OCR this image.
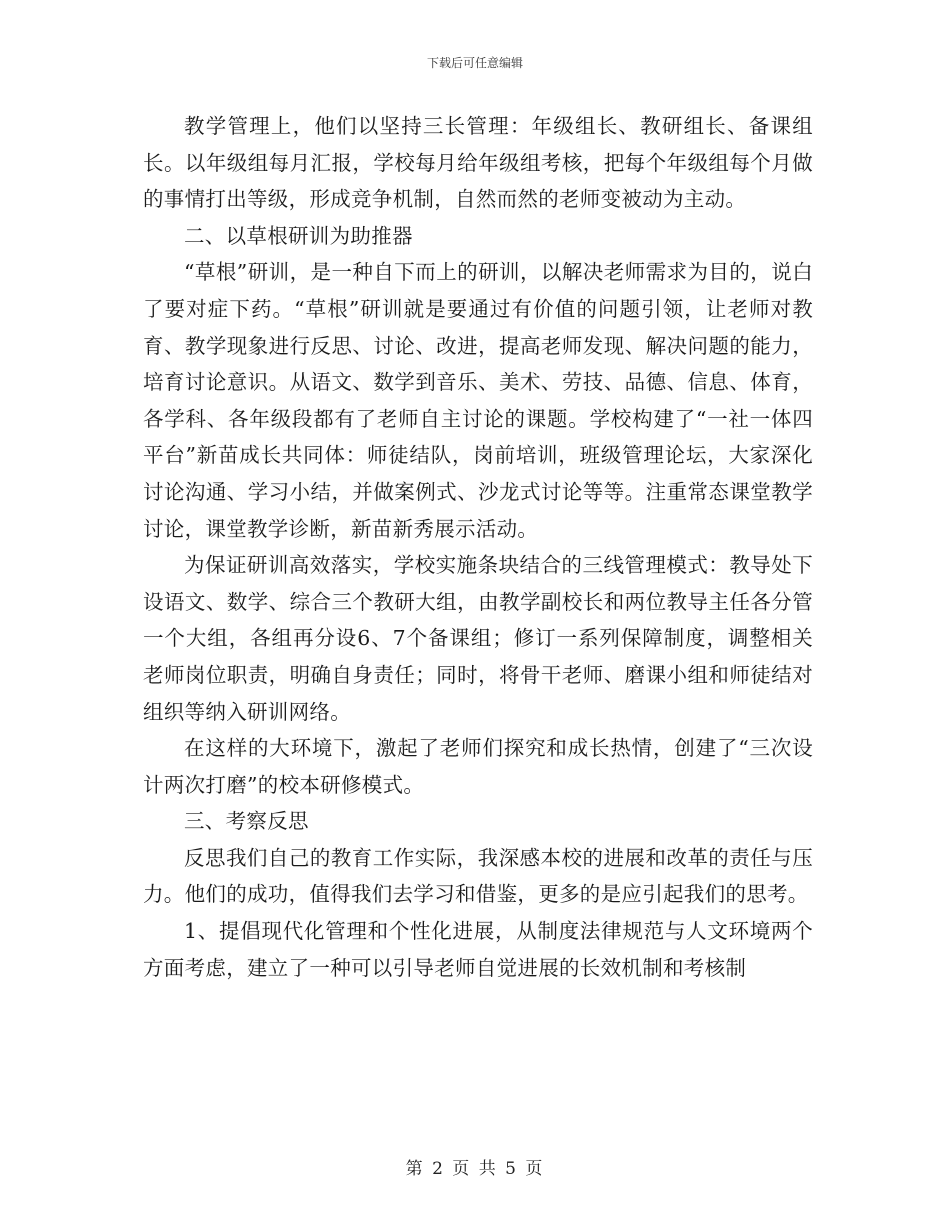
下载后可任意编辑

教学管理上，他们以坚持三长管理：年级组长、教研组长、备课组长。以年级组每月汇报，学校每月给年级组考核，把每个年级组每个月做的事情打出等级，形成竞争机制，自然而然的老师变被动为主动。

二、以草根研训为助推器

“草根”研训，是一种自下而上的研训，以解决老师需求为目的，说白了要对症下药。“草根”研训就是要通过有价值的问题引领，让老师对教育、教学现象进行反思、讨论、改进，提高老师发现、解决问题的能力，培育讨论意识。从语文、数学到音乐、美术、劳技、品德、信息、体育，各学科、各年级段都有了老师自主讨论的课题。学校构建了“一社一体四平台”新苗成长共同体：师徒结队，岗前培训，班级管理论坛，大家深化讨论沟通、学习小结，并做案例式、沙龙式讨论等等。注重常态课堂教学讨论，课堂教学诊断，新苗新秀展示活动。

为保证研训高效落实，学校实施条块结合的三线管理模式：教导处下设语文、数学、综合三个教研大组，由教学副校长和两位教导主任各分管一个大组，各组再分设6、7个备课组；修订一系列保障制度，调整相关老师岗位职责，明确自身责任；同时，将骨干老师、磨课小组和师徒结对组织等纳入研训网络。

在这样的大环境下，激起了老师们探究和成长热情，创建了“三次设计两次打磨”的校本研修模式。

三、考察反思

反思我们自己的教育工作实际，我深感本校的进展和改革的责任与压力。他们的成功，值得我们去学习和借鉴，更多的是应引起我们的思考。

1、提倡现代化管理和个性化进展，从制度法律规范与人文环境两个方面考虑，建立了一种可以引导老师自觉进展的长效机制和考核制

第 2 页 共 5 页
